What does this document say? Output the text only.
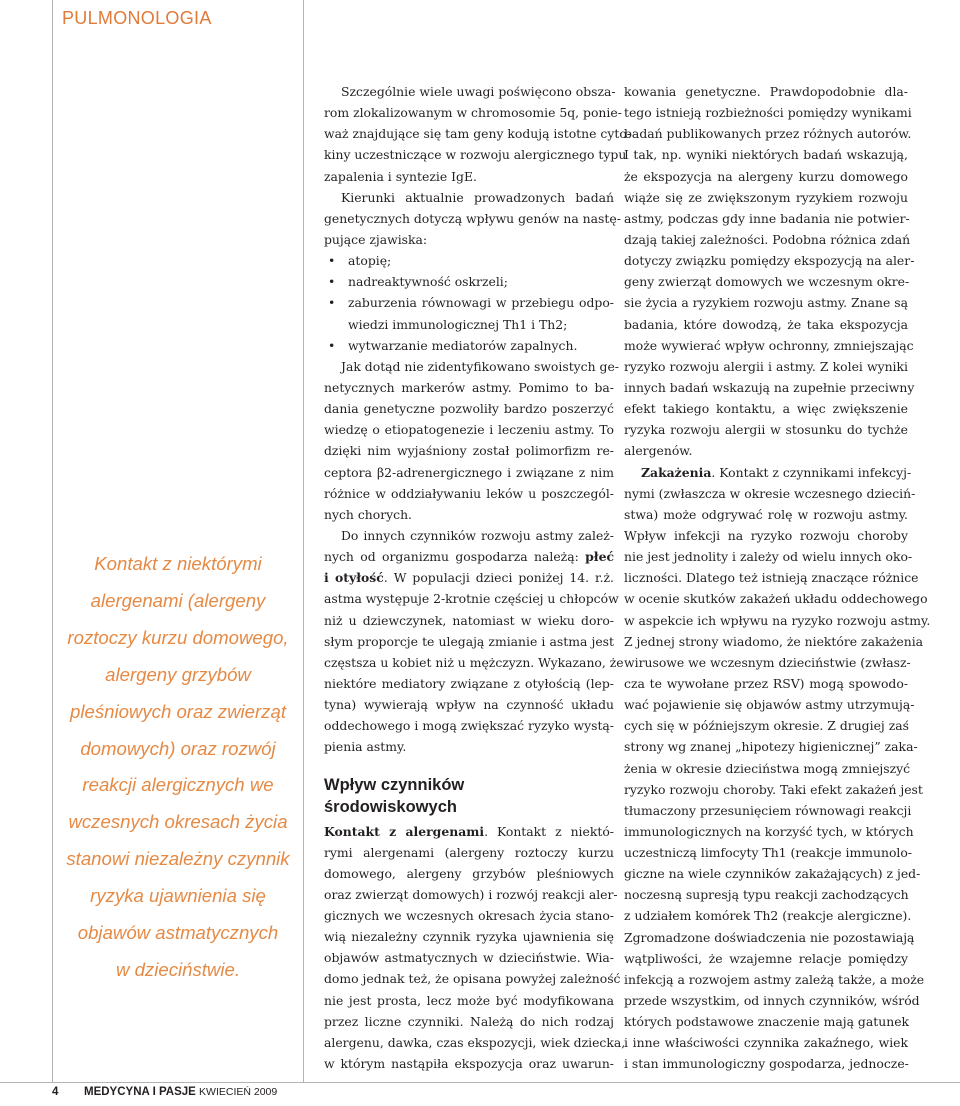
PULMONOLOGIA
Kontakt z niektórymi
alergenami (alergeny
roztoczy kurzu domowego,
alergeny grzybów
pleśniowych oraz zwierząt
domowych) oraz rozwój
reakcji alergicznych we
wczesnych okresach życia
stanowi niezależny czynnik
ryzyka ujawnienia się
objawów astmatycznych
w dzieciństwie.
Szczególnie wiele uwagi poświęcono obsza-
rom zlokalizowanym w chromosomie 5q, ponie-
waż znajdujące się tam geny kodują istotne cyto-
kiny uczestniczące w rozwoju alergicznego typu
zapalenia i syntezie IgE.
Kierunki aktualnie prowadzonych badań
genetycznych dotyczą wpływu genów na nastę-
pujące zjawiska:
• atopię;
• nadreaktywność oskrzeli;
• zaburzenia równowagi w przebiegu odpo-
wiedzi immunologicznej Th1 i Th2;
• wytwarzanie mediatorów zapalnych.
Jak dotąd nie zidentyfikowano swoistych ge-
netycznych markerów astmy. Pomimo to ba-
dania genetyczne pozwoliły bardzo poszerzyć
wiedzę o etiopatogenezie i leczeniu astmy. To
dzięki nim wyjaśniony został polimorfizm re-
ceptora β2-adrenergicznego i związane z nim
różnice w oddziaływaniu leków u poszczegól-
nych chorych.
Do innych czynników rozwoju astmy zależ-
nych od organizmu gospodarza należą: płeć
i otyłość. W populacji dzieci poniżej 14. r.ż.
astma występuje 2-krotnie częściej u chłopców
niż u dziewczynek, natomiast w wieku doro-
słym proporcje te ulegają zmianie i astma jest
częstsza u kobiet niż u mężczyzn. Wykazano, że
niektóre mediatory związane z otyłością (lep-
tyna) wywierają wpływ na czynność układu
oddechowego i mogą zwiększać ryzyko wystą-
pienia astmy.
Wpływ czynników
środowiskowych
Kontakt z alergenami. Kontakt z niektó-
rymi alergenami (alergeny roztoczy kurzu
domowego, alergeny grzybów pleśniowych
oraz zwierząt domowych) i rozwój reakcji aler-
gicznych we wczesnych okresach życia stano-
wią niezależny czynnik ryzyka ujawnienia się
objawów astmatycznych w dzieciństwie. Wia-
domo jednak też, że opisana powyżej zależność
nie jest prosta, lecz może być modyfikowana
przez liczne czynniki. Należą do nich rodzaj
alergenu, dawka, czas ekspozycji, wiek dziecka,
w którym nastąpiła ekspozycja oraz uwarun-
kowania genetyczne. Prawdopodobnie dla-
tego istnieją rozbieżności pomiędzy wynikami
badań publikowanych przez różnych autorów.
I tak, np. wyniki niektórych badań wskazują,
że ekspozycja na alergeny kurzu domowego
wiąże się ze zwiększonym ryzykiem rozwoju
astmy, podczas gdy inne badania nie potwier-
dzają takiej zależności. Podobna różnica zdań
dotyczy związku pomiędzy ekspozycją na aler-
geny zwierząt domowych we wczesnym okre-
sie życia a ryzykiem rozwoju astmy. Znane są
badania, które dowodzą, że taka ekspozycja
może wywierać wpływ ochronny, zmniejszając
ryzyko rozwoju alergii i astmy. Z kolei wyniki
innych badań wskazują na zupełnie przeciwny
efekt takiego kontaktu, a więc zwiększenie
ryzyka rozwoju alergii w stosunku do tychże
alergenów.
Zakażenia. Kontakt z czynnikami infekcyj-
nymi (zwłaszcza w okresie wczesnego dzieciń-
stwa) może odgrywać rolę w rozwoju astmy.
Wpływ infekcji na ryzyko rozwoju choroby
nie jest jednolity i zależy od wielu innych oko-
liczności. Dlatego też istnieją znaczące różnice
w ocenie skutków zakażeń układu oddechowego
w aspekcie ich wpływu na ryzyko rozwoju astmy.
Z jednej strony wiadomo, że niektóre zakażenia
wirusowe we wczesnym dzieciństwie (zwłasz-
cza te wywołane przez RSV) mogą spowodo-
wać pojawienie się objawów astmy utrzymują-
cych się w późniejszym okresie. Z drugiej zaś
strony wg znanej „hipotezy higienicznej” zaka-
żenia w okresie dzieciństwa mogą zmniejszyć
ryzyko rozwoju choroby. Taki efekt zakażeń jest
tłumaczony przesunięciem równowagi reakcji
immunologicznych na korzyść tych, w których
uczestniczą limfocyty Th1 (reakcje immunolo-
giczne na wiele czynników zakażających) z jed-
noczesną supresją typu reakcji zachodzących
z udziałem komórek Th2 (reakcje alergiczne).
Zgromadzone doświadczenia nie pozostawiają
wątpliwości, że wzajemne relacje pomiędzy
infekcją a rozwojem astmy zależą także, a może
przede wszystkim, od innych czynników, wśród
których podstawowe znaczenie mają gatunek
i inne właściwości czynnika zakaźnego, wiek
i stan immunologiczny gospodarza, jednocze-
4 MEDYCYNA I PASJE KWIECIEŃ 2009
